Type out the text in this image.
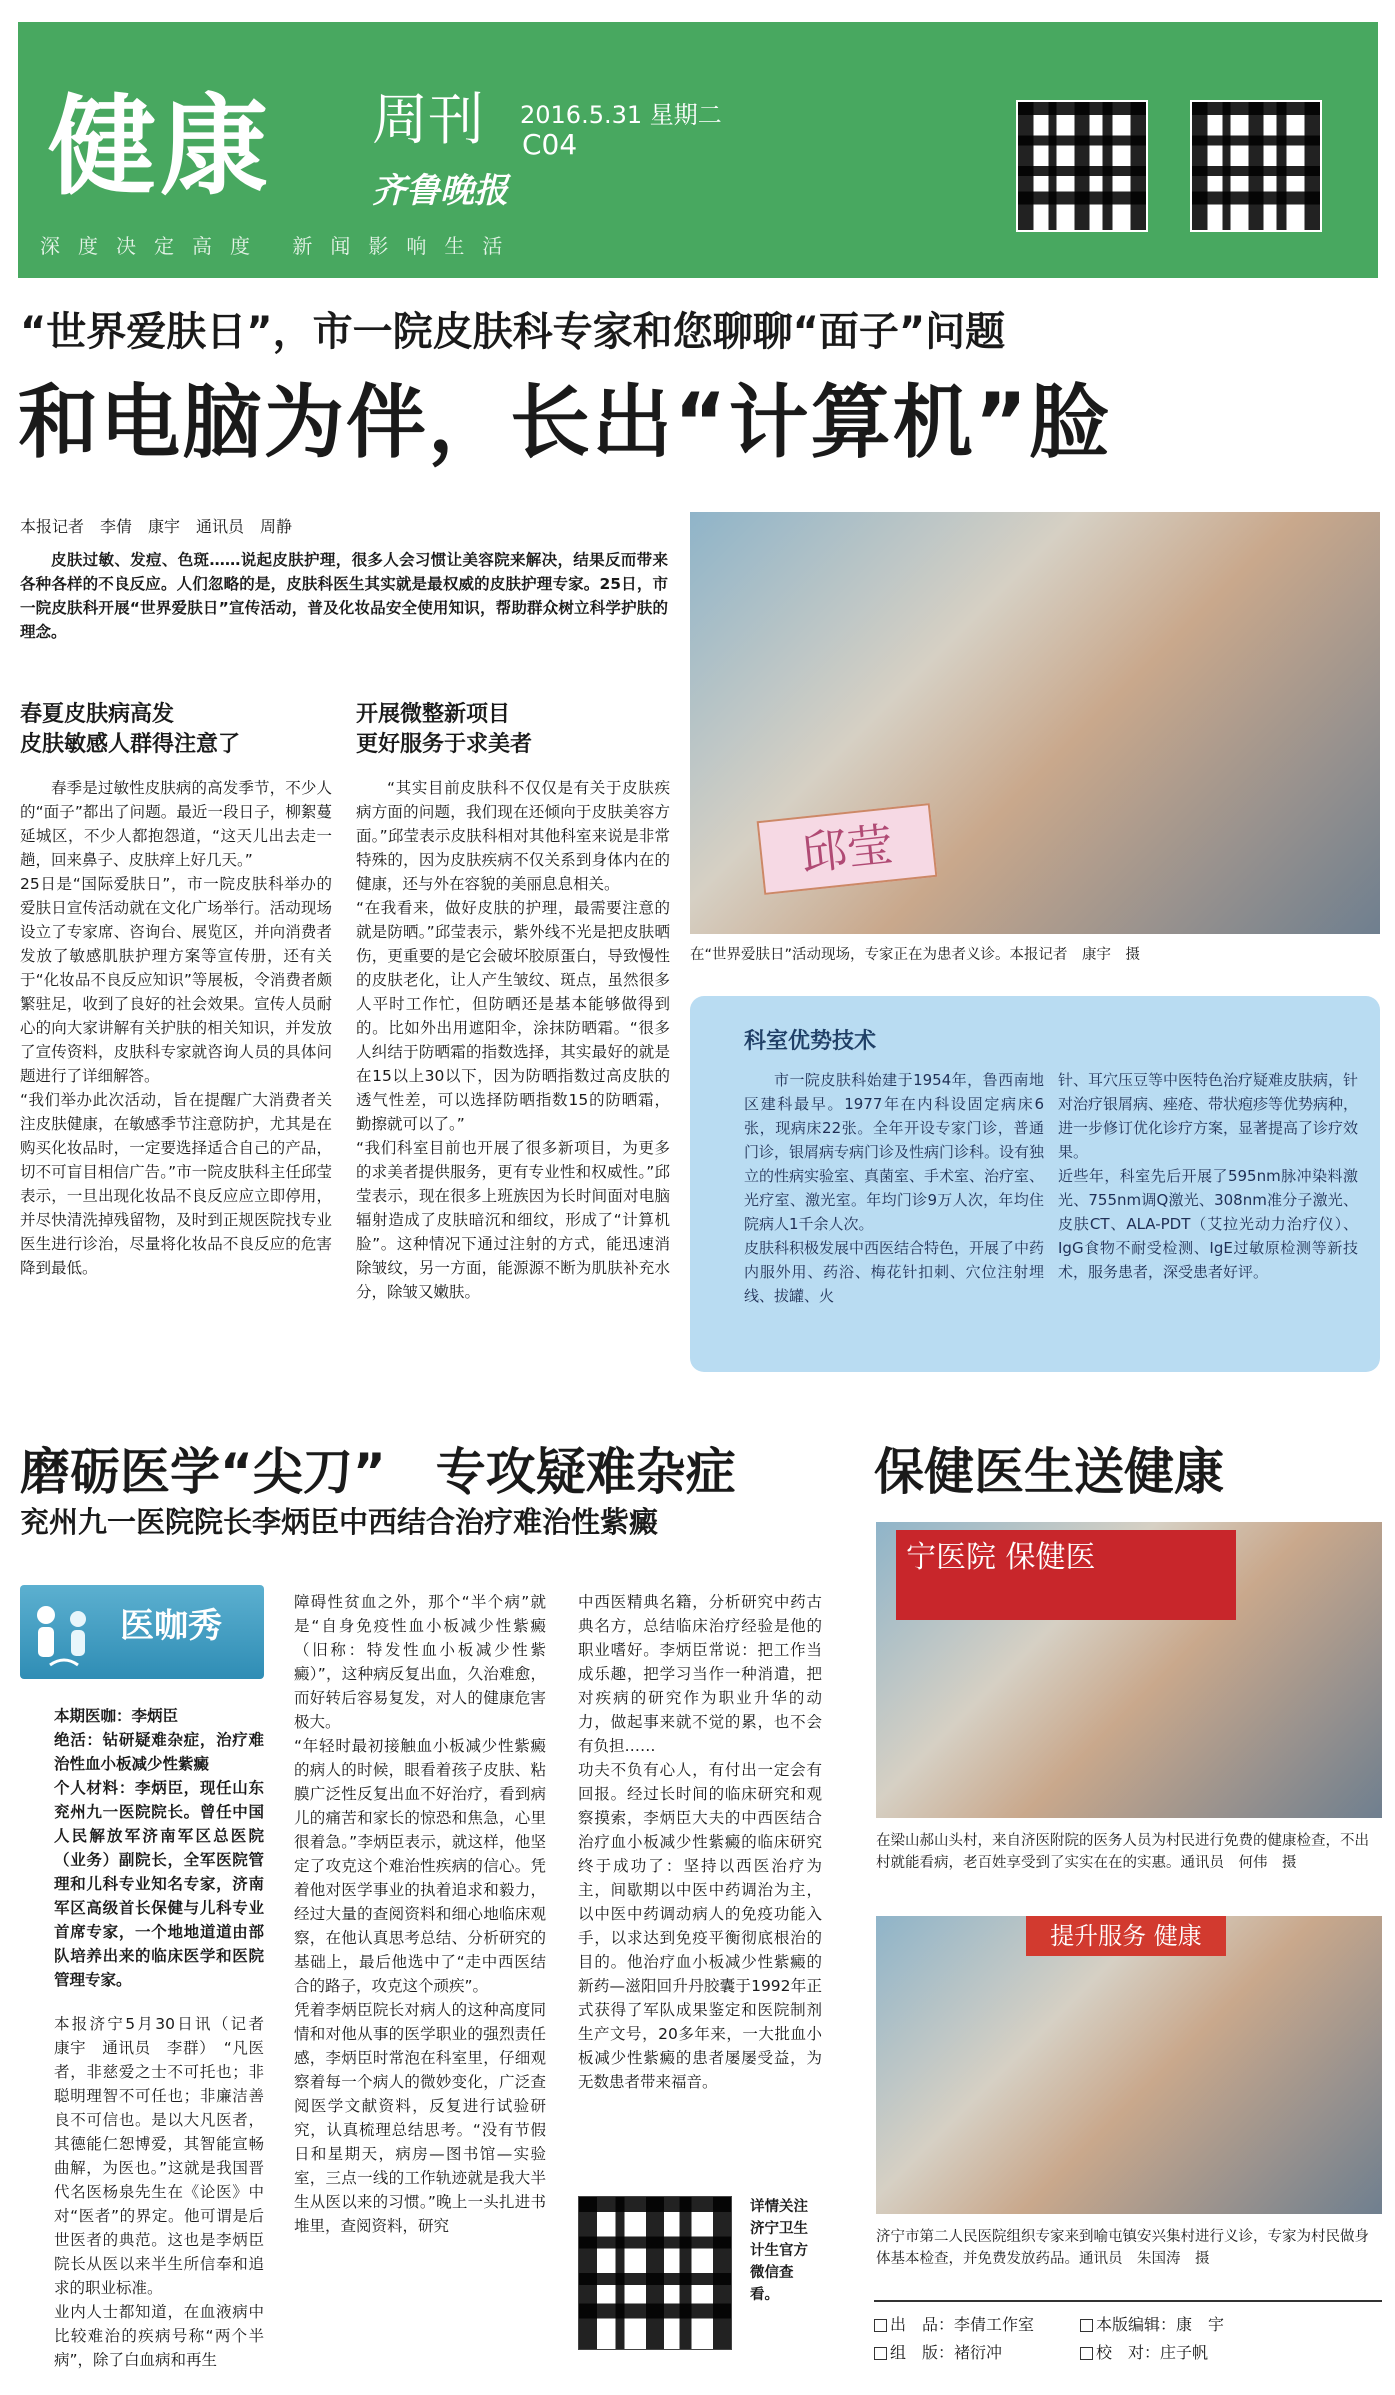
健康 周刊 2016.5.31 星期二
C04
齐鲁晚报
深度决定高度 新闻影响生活
“世界爱肤日”，市一院皮肤科专家和您聊聊“面子”问题
和电脑为伴，长出“计算机”脸
本报记者　李倩　康宇　通讯员　周静
皮肤过敏、发痘、色斑……说起皮肤护理，很多人会习惯让美容院来解决，结果反而带来各种各样的不良反应。人们忽略的是，皮肤科医生其实就是最权威的皮肤护理专家。25日，市一院皮肤科开展“世界爱肤日”宣传活动，普及化妆品安全使用知识，帮助群众树立科学护肤的理念。
春夏皮肤病高发
皮肤敏感人群得注意了
春季是过敏性皮肤病的高发季节，不少人的“面子”都出了问题。最近一段日子，柳絮蔓延城区，不少人都抱怨道，“这天儿出去走一趟，回来鼻子、皮肤痒上好几天。”
25日是“国际爱肤日”，市一院皮肤科举办的爱肤日宣传活动就在文化广场举行。活动现场设立了专家席、咨询台、展览区，并向消费者发放了敏感肌肤护理方案等宣传册，还有关于“化妆品不良反应知识”等展板，令消费者颇繁驻足，收到了良好的社会效果。宣传人员耐心的向大家讲解有关护肤的相关知识，并发放了宣传资料，皮肤科专家就咨询人员的具体问题进行了详细解答。
“我们举办此次活动，旨在提醒广大消费者关注皮肤健康，在敏感季节注意防护，尤其是在购买化妆品时，一定要选择适合自己的产品，切不可盲目相信广告。”市一院皮肤科主任邱莹表示，一旦出现化妆品不良反应应立即停用，并尽快清洗掉残留物，及时到正规医院找专业医生进行诊治，尽量将化妆品不良反应的危害降到最低。
开展微整新项目
更好服务于求美者
“其实目前皮肤科不仅仅是有关于皮肤疾病方面的问题，我们现在还倾向于皮肤美容方面。”邱莹表示皮肤科相对其他科室来说是非常特殊的，因为皮肤疾病不仅关系到身体内在的健康，还与外在容貌的美丽息息相关。
“在我看来，做好皮肤的护理，最需要注意的就是防晒。”邱莹表示，紫外线不光是把皮肤晒伤，更重要的是它会破坏胶原蛋白，导致慢性的皮肤老化，让人产生皱纹、斑点，虽然很多人平时工作忙，但防晒还是基本能够做得到的。比如外出用遮阳伞，涂抹防晒霜。“很多人纠结于防晒霜的指数选择，其实最好的就是在15以上30以下，因为防晒指数过高皮肤的透气性差，可以选择防晒指数15的防晒霜，勤擦就可以了。”
“我们科室目前也开展了很多新项目，为更多的求美者提供服务，更有专业性和权威性。”邱莹表示，现在很多上班族因为长时间面对电脑辐射造成了皮肤暗沉和细纹，形成了“计算机脸”。这种情况下通过注射的方式，能迅速消除皱纹，另一方面，能源源不断为肌肤补充水分，除皱又嫩肤。
邱莹
在“世界爱肤日”活动现场，专家正在为患者义诊。本报记者　康宇　摄
科室优势技术
市一院皮肤科始建于1954年，鲁西南地区建科最早。1977年在内科设固定病床6张，现病床22张。全年开设专家门诊，普通门诊，银屑病专病门诊及性病门诊科。设有独立的性病实验室、真菌室、手术室、治疗室、光疗室、激光室。年均门诊9万人次，年均住院病人1千余人次。
皮肤科积极发展中西医结合特色，开展了中药内服外用、药浴、梅花针扣刺、穴位注射埋线、拔罐、火
针、耳穴压豆等中医特色治疗疑难皮肤病，针对治疗银屑病、痤疮、带状疱疹等优势病种，进一步修订优化诊疗方案，显著提高了诊疗效果。
近些年，科室先后开展了595nm脉冲染料激光、755nm调Q激光、308nm准分子激光、皮肤CT、ALA-PDT（艾拉光动力治疗仪）、IgG食物不耐受检测、IgE过敏原检测等新技术，服务患者，深受患者好评。
磨砺医学“尖刀”　专攻疑难杂症
兖州九一医院院长李炳臣中西结合治疗难治性紫癜
医咖秀
本期医咖：李炳臣
绝活：钻研疑难杂症，治疗难治性血小板减少性紫癜
个人材料：李炳臣，现任山东兖州九一医院院长。曾任中国人民解放军济南军区总医院（业务）副院长，全军医院管理和儿科专业知名专家，济南军区高级首长保健与儿科专业首席专家，一个地地道道由部队培养出来的临床医学和医院管理专家。
本报济宁5月30日讯（记者　康宇　通讯员　李群）　“凡医者，非慈爱之士不可托也；非聪明理智不可任也；非廉洁善良不可信也。是以大凡医者，其德能仁恕博爱，其智能宣畅曲解，为医也。”这就是我国晋代名医杨泉先生在《论医》中对“医者”的界定。他可谓是后世医者的典范。这也是李炳臣院长从医以来半生所信奉和追求的职业标准。
业内人士都知道，在血液病中比较难治的疾病号称“两个半病”，除了白血病和再生
障碍性贫血之外，那个“半个病”就是“自身免疫性血小板减少性紫癜（旧称：特发性血小板减少性紫癜）”，这种病反复出血，久治难愈，而好转后容易复发，对人的健康危害极大。
“年轻时最初接触血小板减少性紫癜的病人的时候，眼看着孩子皮肤、粘膜广泛性反复出血不好治疗，看到病儿的痛苦和家长的惊恐和焦急，心里很着急。”李炳臣表示，就这样，他坚定了攻克这个难治性疾病的信心。凭着他对医学事业的执着追求和毅力，经过大量的查阅资料和细心地临床观察，在他认真思考总结、分析研究的基础上，最后他选中了“走中西医结合的路子，攻克这个顽疾”。
凭着李炳臣院长对病人的这种高度同情和对他从事的医学职业的强烈责任感，李炳臣时常泡在科室里，仔细观察着每一个病人的微妙变化，广泛查阅医学文献资料，反复进行试验研究，认真梳理总结思考。“没有节假日和星期天，病房—图书馆—实验室，三点一线的工作轨迹就是我大半生从医以来的习惯。”晚上一头扎进书堆里，查阅资料，研究
中西医精典名籍，分析研究中药古典名方，总结临床治疗经验是他的职业嗜好。李炳臣常说：把工作当成乐趣，把学习当作一种消遣，把对疾病的研究作为职业升华的动力，做起事来就不觉的累，也不会有负担……
功夫不负有心人，有付出一定会有回报。经过长时间的临床研究和观察摸索，李炳臣大夫的中西医结合治疗血小板减少性紫癜的临床研究终于成功了：坚持以西医治疗为主，间歇期以中医中药调治为主，以中医中药调动病人的免疫功能入手，以求达到免疫平衡彻底根治的目的。他治疗血小板减少性紫癜的新药—滋阳回升丹胶囊于1992年正式获得了军队成果鉴定和医院制剂生产文号，20多年来，一大批血小板减少性紫癜的患者屡屡受益，为无数患者带来福音。
详情关注济宁卫生计生官方微信查看。
保健医生送健康
宁医院 保健医
在梁山郝山头村，来自济医附院的医务人员为村民进行免费的健康检查，不出村就能看病，老百姓享受到了实实在在的实惠。通讯员　何伟　摄
提升服务 健康
济宁市第二人民医院组织专家来到喻屯镇安兴集村进行义诊，专家为村民做身体基本检查，并免费发放药品。通讯员　朱国涛　摄
出　品：李倩工作室	本版编辑：康　宇
组　版：褚衍冲	校　对：庄子帆
